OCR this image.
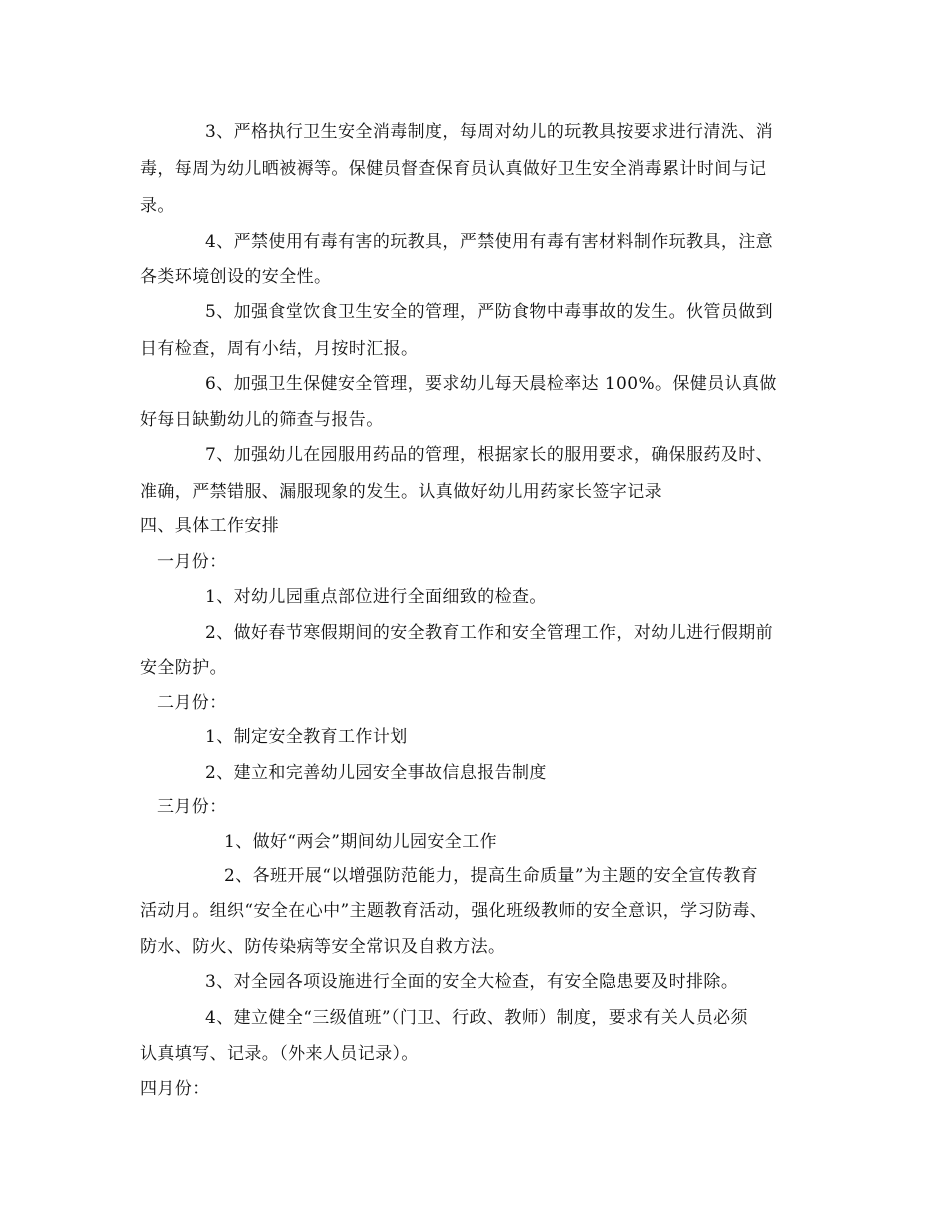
3、严格执行卫生安全消毒制度，每周对幼儿的玩教具按要求进行清洗、消
毒，每周为幼儿晒被褥等。保健员督查保育员认真做好卫生安全消毒累计时间与记
录。
4、严禁使用有毒有害的玩教具，严禁使用有毒有害材料制作玩教具，注意
各类环境创设的安全性。
5、加强食堂饮食卫生安全的管理，严防食物中毒事故的发生。伙管员做到
日有检查，周有小结，月按时汇报。
6、加强卫生保健安全管理，要求幼儿每天晨检率达 100%。保健员认真做
好每日缺勤幼儿的筛查与报告。
7、加强幼儿在园服用药品的管理，根据家长的服用要求，确保服药及时、
准确，严禁错服、漏服现象的发生。认真做好幼儿用药家长签字记录
四、具体工作安排
一月份：
1、对幼儿园重点部位进行全面细致的检查。
2、做好春节寒假期间的安全教育工作和安全管理工作，对幼儿进行假期前
安全防护。
二月份：
1、制定安全教育工作计划
2、建立和完善幼儿园安全事故信息报告制度
三月份：
1、做好“两会”期间幼儿园安全工作
2、各班开展“以增强防范能力，提高生命质量”为主题的安全宣传教育
活动月。组织“安全在心中”主题教育活动，强化班级教师的安全意识，学习防毒、
防水、防火、防传染病等安全常识及自救方法。
3、对全园各项设施进行全面的安全大检查，有安全隐患要及时排除。
4、建立健全“三级值班”（门卫、行政、教师）制度，要求有关人员必须
认真填写、记录。（外来人员记录）。
四月份：
